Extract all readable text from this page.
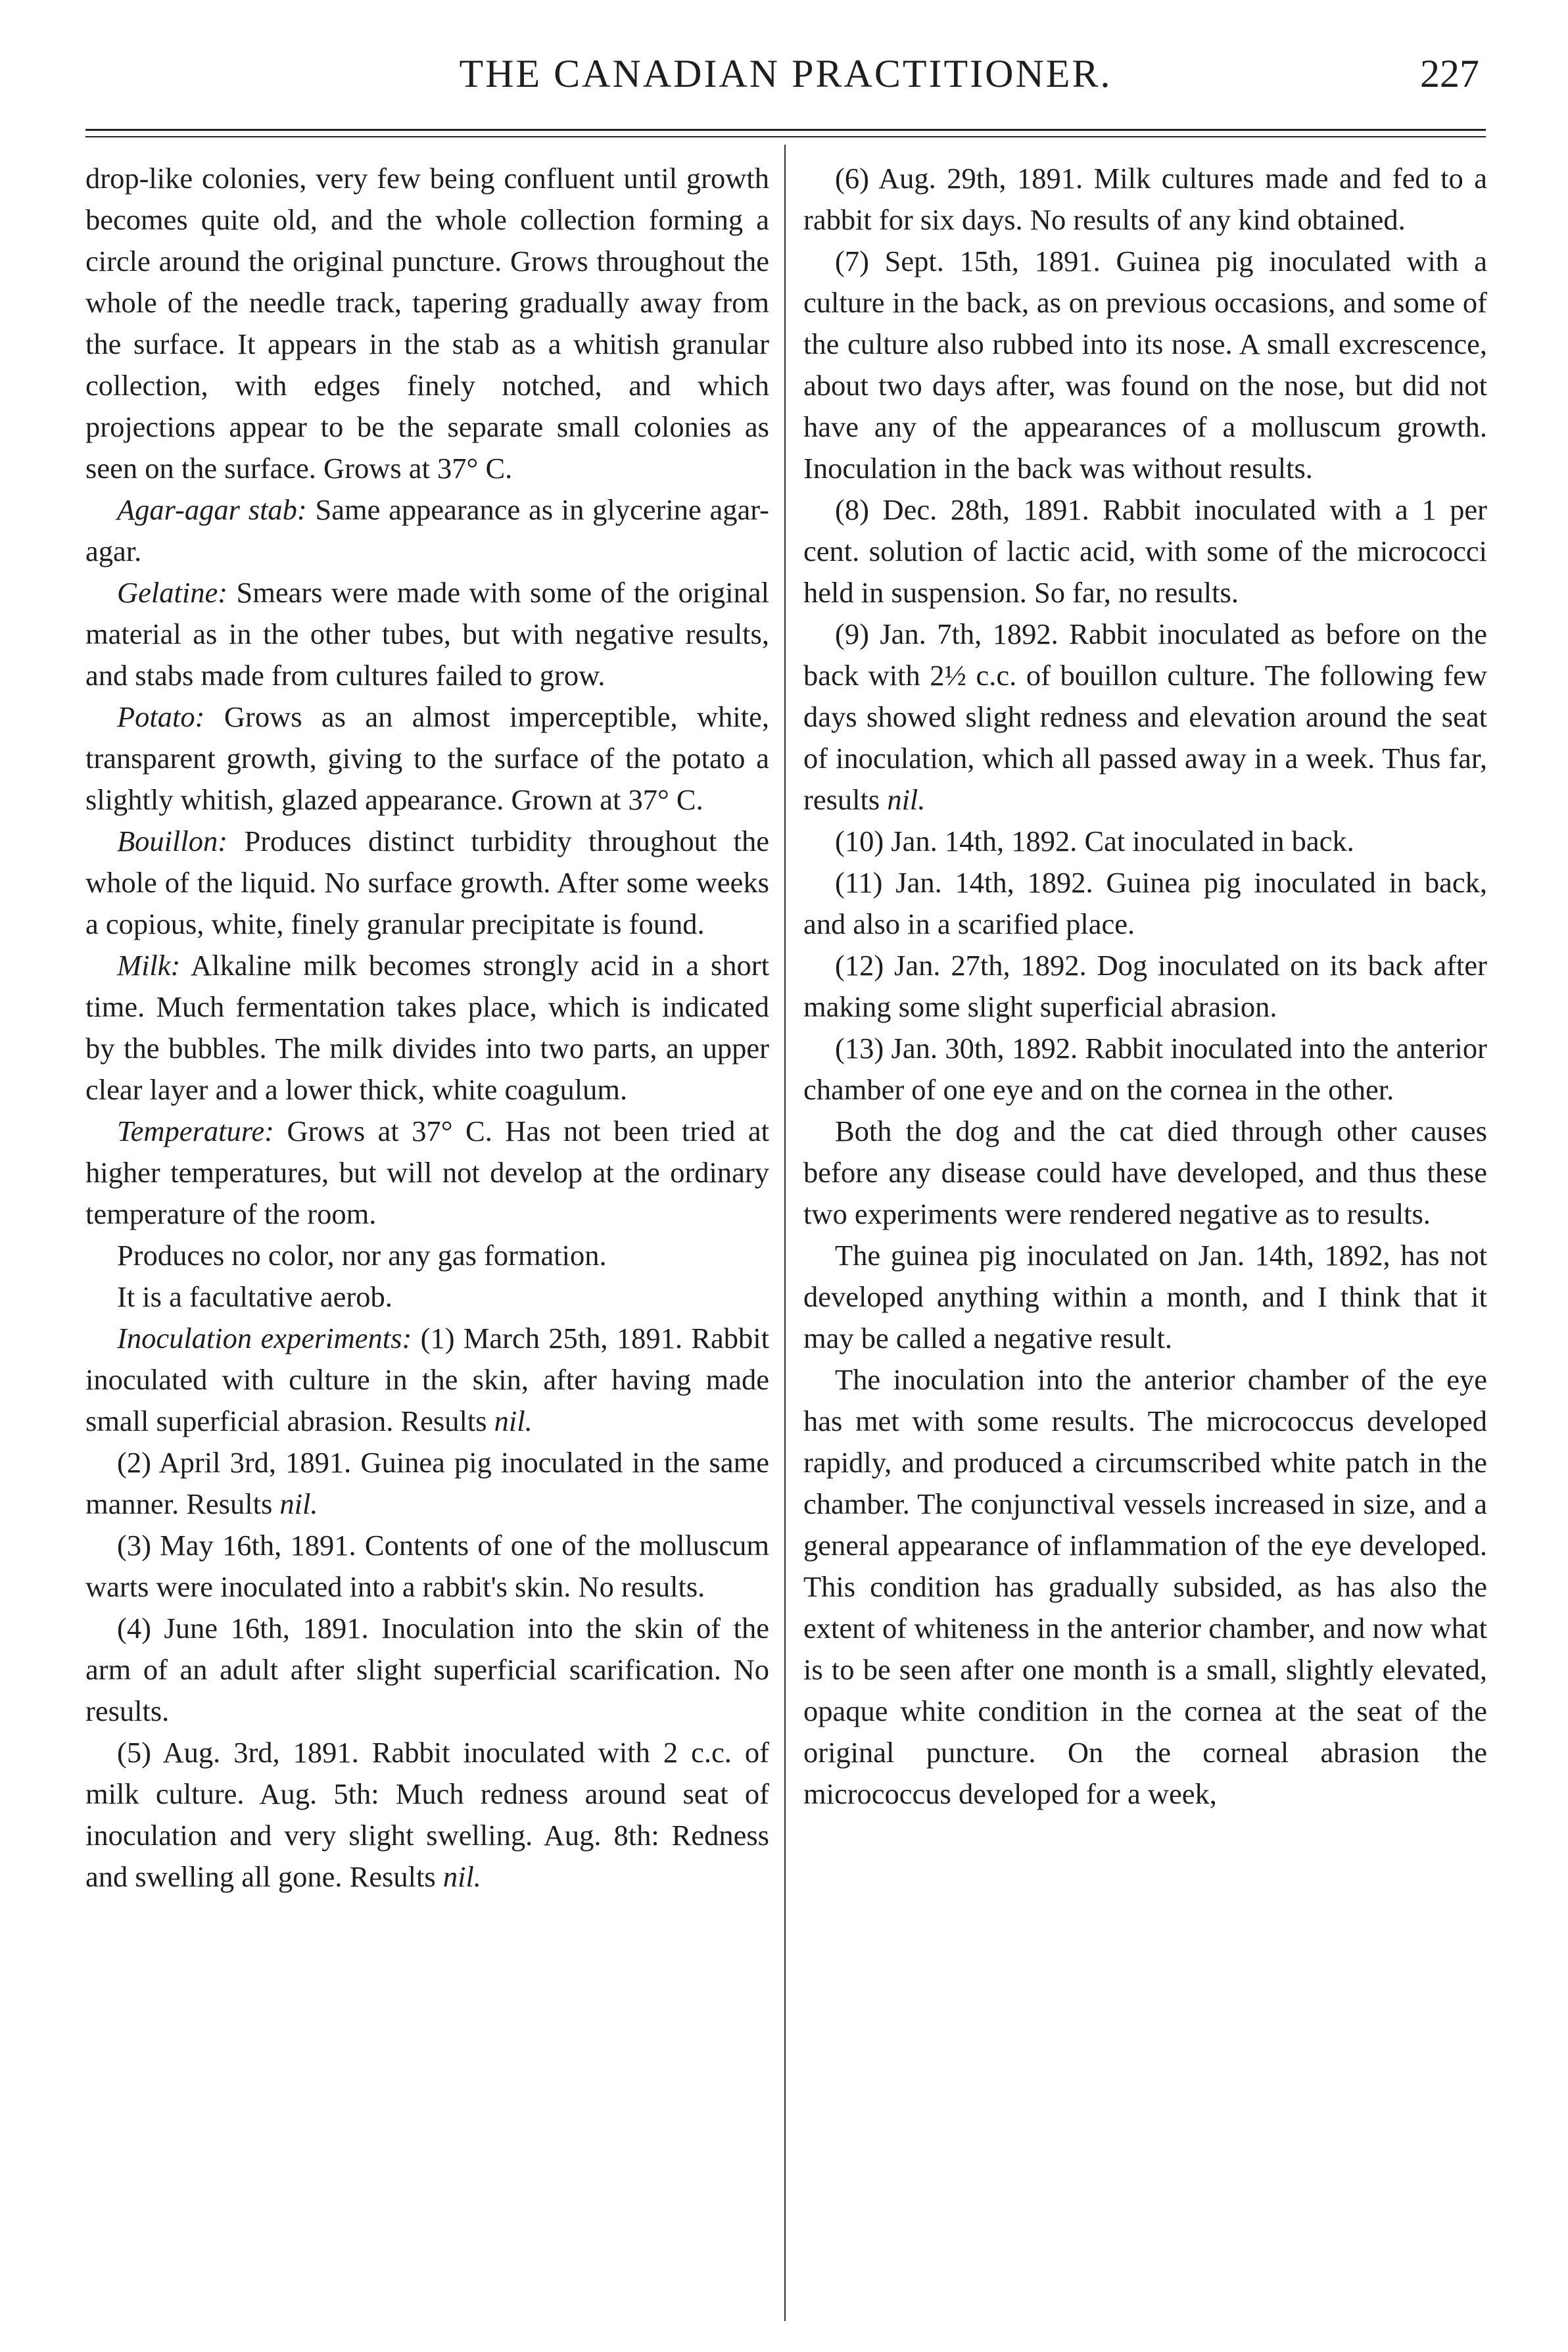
THE CANADIAN PRACTITIONER.	227

drop-like colonies, very few being confluent until growth becomes quite old, and the whole collection forming a circle around the original puncture. Grows throughout the whole of the needle track, tapering gradually away from the surface. It appears in the stab as a whitish granular collection, with edges finely notched, and which projections appear to be the separate small colonies as seen on the surface. Grows at 37° C.

Agar-agar stab: Same appearance as in glycerine agar-agar.

Gelatine: Smears were made with some of the original material as in the other tubes, but with negative results, and stabs made from cultures failed to grow.

Potato: Grows as an almost imperceptible, white, transparent growth, giving to the surface of the potato a slightly whitish, glazed appearance. Grown at 37° C.

Bouillon: Produces distinct turbidity throughout the whole of the liquid. No surface growth. After some weeks a copious, white, finely granular precipitate is found.

Milk: Alkaline milk becomes strongly acid in a short time. Much fermentation takes place, which is indicated by the bubbles. The milk divides into two parts, an upper clear layer and a lower thick, white coagulum.

Temperature: Grows at 37° C. Has not been tried at higher temperatures, but will not develop at the ordinary temperature of the room.

Produces no color, nor any gas formation.

It is a facultative aerob.

Inoculation experiments: (1) March 25th, 1891. Rabbit inoculated with culture in the skin, after having made small superficial abrasion. Results nil.

(2) April 3rd, 1891. Guinea pig inoculated in the same manner. Results nil.

(3) May 16th, 1891. Contents of one of the molluscum warts were inoculated into a rabbit's skin. No results.

(4) June 16th, 1891. Inoculation into the skin of the arm of an adult after slight superficial scarification. No results.

(5) Aug. 3rd, 1891. Rabbit inoculated with 2 c.c. of milk culture. Aug. 5th: Much redness around seat of inoculation and very slight swelling. Aug. 8th: Redness and swelling all gone. Results nil.

(6) Aug. 29th, 1891. Milk cultures made and fed to a rabbit for six days. No results of any kind obtained.

(7) Sept. 15th, 1891. Guinea pig inoculated with a culture in the back, as on previous occasions, and some of the culture also rubbed into its nose. A small excrescence, about two days after, was found on the nose, but did not have any of the appearances of a molluscum growth. Inoculation in the back was without results.

(8) Dec. 28th, 1891. Rabbit inoculated with a 1 per cent. solution of lactic acid, with some of the micrococci held in suspension. So far, no results.

(9) Jan. 7th, 1892. Rabbit inoculated as before on the back with 2½ c.c. of bouillon culture. The following few days showed slight redness and elevation around the seat of inoculation, which all passed away in a week. Thus far, results nil.

(10) Jan. 14th, 1892. Cat inoculated in back.

(11) Jan. 14th, 1892. Guinea pig inoculated in back, and also in a scarified place.

(12) Jan. 27th, 1892. Dog inoculated on its back after making some slight superficial abrasion.

(13) Jan. 30th, 1892. Rabbit inoculated into the anterior chamber of one eye and on the cornea in the other.

Both the dog and the cat died through other causes before any disease could have developed, and thus these two experiments were rendered negative as to results.

The guinea pig inoculated on Jan. 14th, 1892, has not developed anything within a month, and I think that it may be called a negative result.

The inoculation into the anterior chamber of the eye has met with some results. The micrococcus developed rapidly, and produced a circumscribed white patch in the chamber. The conjunctival vessels increased in size, and a general appearance of inflammation of the eye developed. This condition has gradually subsided, as has also the extent of whiteness in the anterior chamber, and now what is to be seen after one month is a small, slightly elevated, opaque white condition in the cornea at the seat of the original puncture. On the corneal abrasion the micrococcus developed for a week,
